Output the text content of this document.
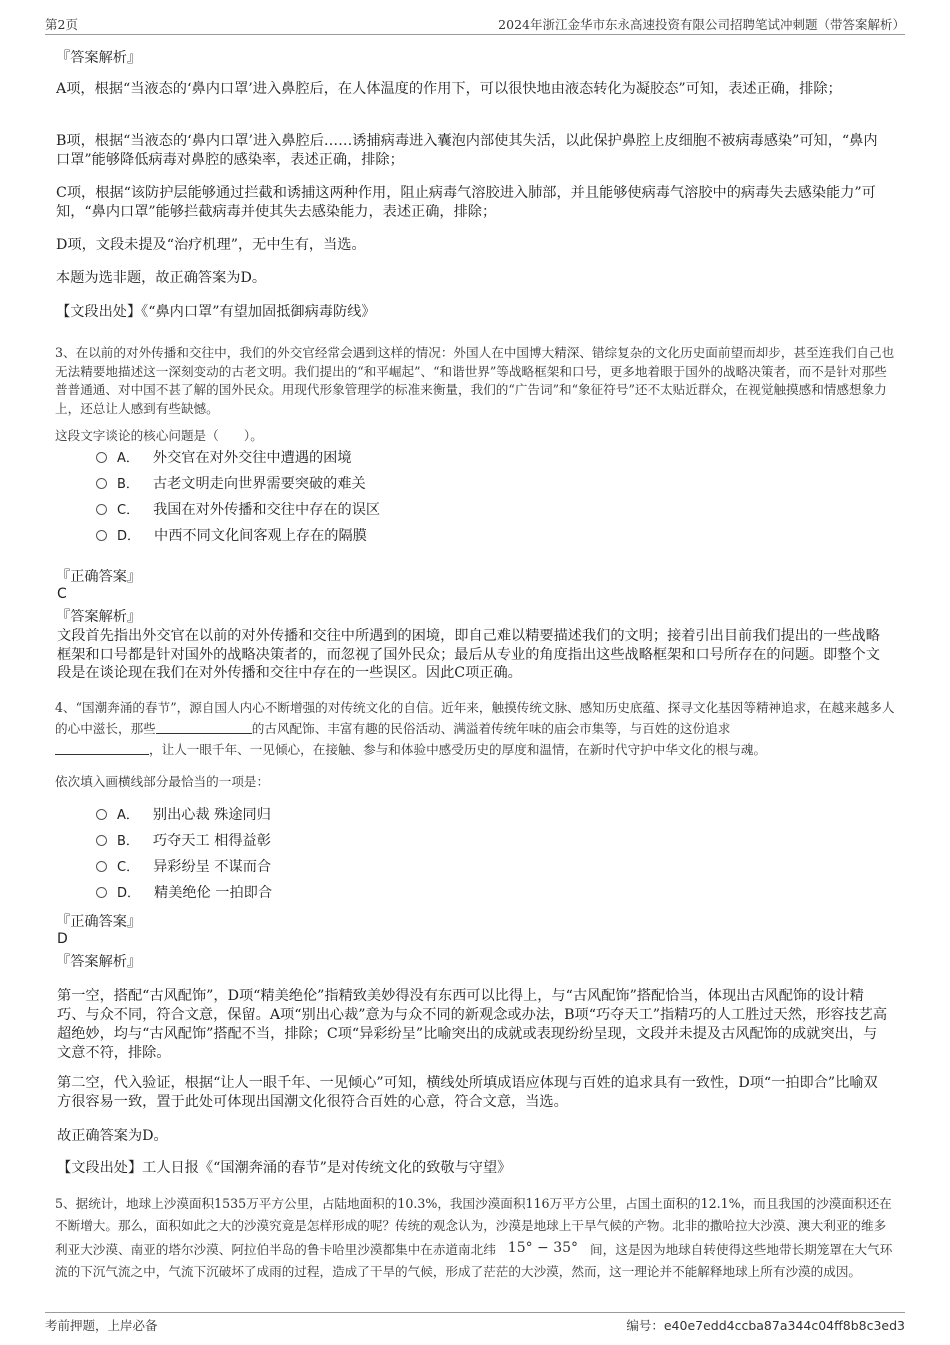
第2页	2024年浙江金华市东永高速投资有限公司招聘笔试冲刺题（带答案解析）
『答案解析』

A项，根据“当液态的‘鼻内口罩’进入鼻腔后，在人体温度的作用下，可以很快地由液态转化为凝胶态”可知，表述正确，排除；

B项，根据“当液态的‘鼻内口罩’进入鼻腔后……诱捕病毒进入囊泡内部使其失活，以此保护鼻腔上皮细胞不被病毒感染”可知，“鼻内口罩”能够降低病毒对鼻腔的感染率，表述正确，排除；

C项，根据“该防护层能够通过拦截和诱捕这两种作用，阻止病毒气溶胶进入肺部，并且能够使病毒气溶胶中的病毒失去感染能力”可知，“鼻内口罩”能够拦截病毒并使其失去感染能力，表述正确，排除；

D项，文段未提及“治疗机理”，无中生有，当选。

本题为选非题，故正确答案为D。

【文段出处】《“鼻内口罩”有望加固抵御病毒防线》

3、在以前的对外传播和交往中，我们的外交官经常会遇到这样的情况：外国人在中国博大精深、错综复杂的文化历史面前望而却步，甚至连我们自己也无法精要地描述这一深刻变动的古老文明。我们提出的“和平崛起”、“和谐世界”等战略框架和口号，更多地着眼于国外的战略决策者，而不是针对那些普普通通、对中国不甚了解的国外民众。用现代形象管理学的标准来衡量，我们的“广告词”和“象征符号”还不太贴近群众，在视觉触摸感和情感想象力上，还总让人感到有些缺憾。

这段文字谈论的核心问题是（　　）。

A． 外交官在对外交往中遭遇的困境
B． 古老文明走向世界需要突破的难关
C． 我国在对外传播和交往中存在的误区
D． 中西不同文化间客观上存在的隔膜
『正确答案』
C
『答案解析』

文段首先指出外交官在以前的对外传播和交往中所遇到的困境，即自己难以精要描述我们的文明；接着引出目前我们提出的一些战略框架和口号都是针对国外的战略决策者的，而忽视了国外民众；最后从专业的角度指出这些战略框架和口号所存在的问题。即整个文段是在谈论现在我们在对外传播和交往中存在的一些误区。因此C项正确。

4、“国潮奔涌的春节”，源自国人内心不断增强的对传统文化的自信。近年来，触摸传统文脉、感知历史底蕴、探寻文化基因等精神追求，在越来越多人的心中滋长，那些	的古风配饰、丰富有趣的民俗活动、满溢着传统年味的庙会市集等，与百姓的这份追求
，让人一眼千年、一见倾心，在接触、参与和体验中感受历史的厚度和温情，在新时代守护中华文化的根与魂。

依次填入画横线部分最恰当的一项是：

A． 别出心裁 殊途同归
B． 巧夺天工 相得益彰
C． 异彩纷呈 不谋而合
D． 精美绝伦 一拍即合
『正确答案』
D
『答案解析』

第一空，搭配“古风配饰”，D项“精美绝伦”指精致美妙得没有东西可以比得上，与“古风配饰”搭配恰当，体现出古风配饰的设计精巧、与众不同，符合文意，保留。A项“别出心裁”意为与众不同的新观念或办法，B项“巧夺天工”指精巧的人工胜过天然，形容技艺高超绝妙，均与“古风配饰”搭配不当，排除；C项“异彩纷呈”比喻突出的成就或表现纷纷呈现，文段并未提及古风配饰的成就突出，与文意不符，排除。

第二空，代入验证，根据“让人一眼千年、一见倾心”可知，横线处所填成语应体现与百姓的追求具有一致性，D项“一拍即合”比喻双方很容易一致，置于此处可体现出国潮文化很符合百姓的心意，符合文意，当选。

故正确答案为D。

【文段出处】工人日报《“国潮奔涌的春节”是对传统文化的致敬与守望》

5、据统计，地球上沙漠面积1535万平方公里，占陆地面积的10.3%，我国沙漠面积116万平方公里，占国土面积的12.1%，而且我国的沙漠面积还在不断增大。那么，面积如此之大的沙漠究竟是怎样形成的呢？传统的观念认为，沙漠是地球上干旱气候的产物。北非的撒哈拉大沙漠、澳大利亚的维多利亚大沙漠、南亚的塔尔沙漠、阿拉伯半岛的鲁卡哈里沙漠都集中在赤道南北纬 15° − 35° 间，这是因为地球自转使得这些地带长期笼罩在大气环流的下沉气流之中，气流下沉破坏了成雨的过程，造成了干旱的气候，形成了茫茫的大沙漠，然而，这一理论并不能解释地球上所有沙漠的成因。

考前押题，上岸必备	编号：e40e7edd4ccba87a344c04ff8b8c3ed3
